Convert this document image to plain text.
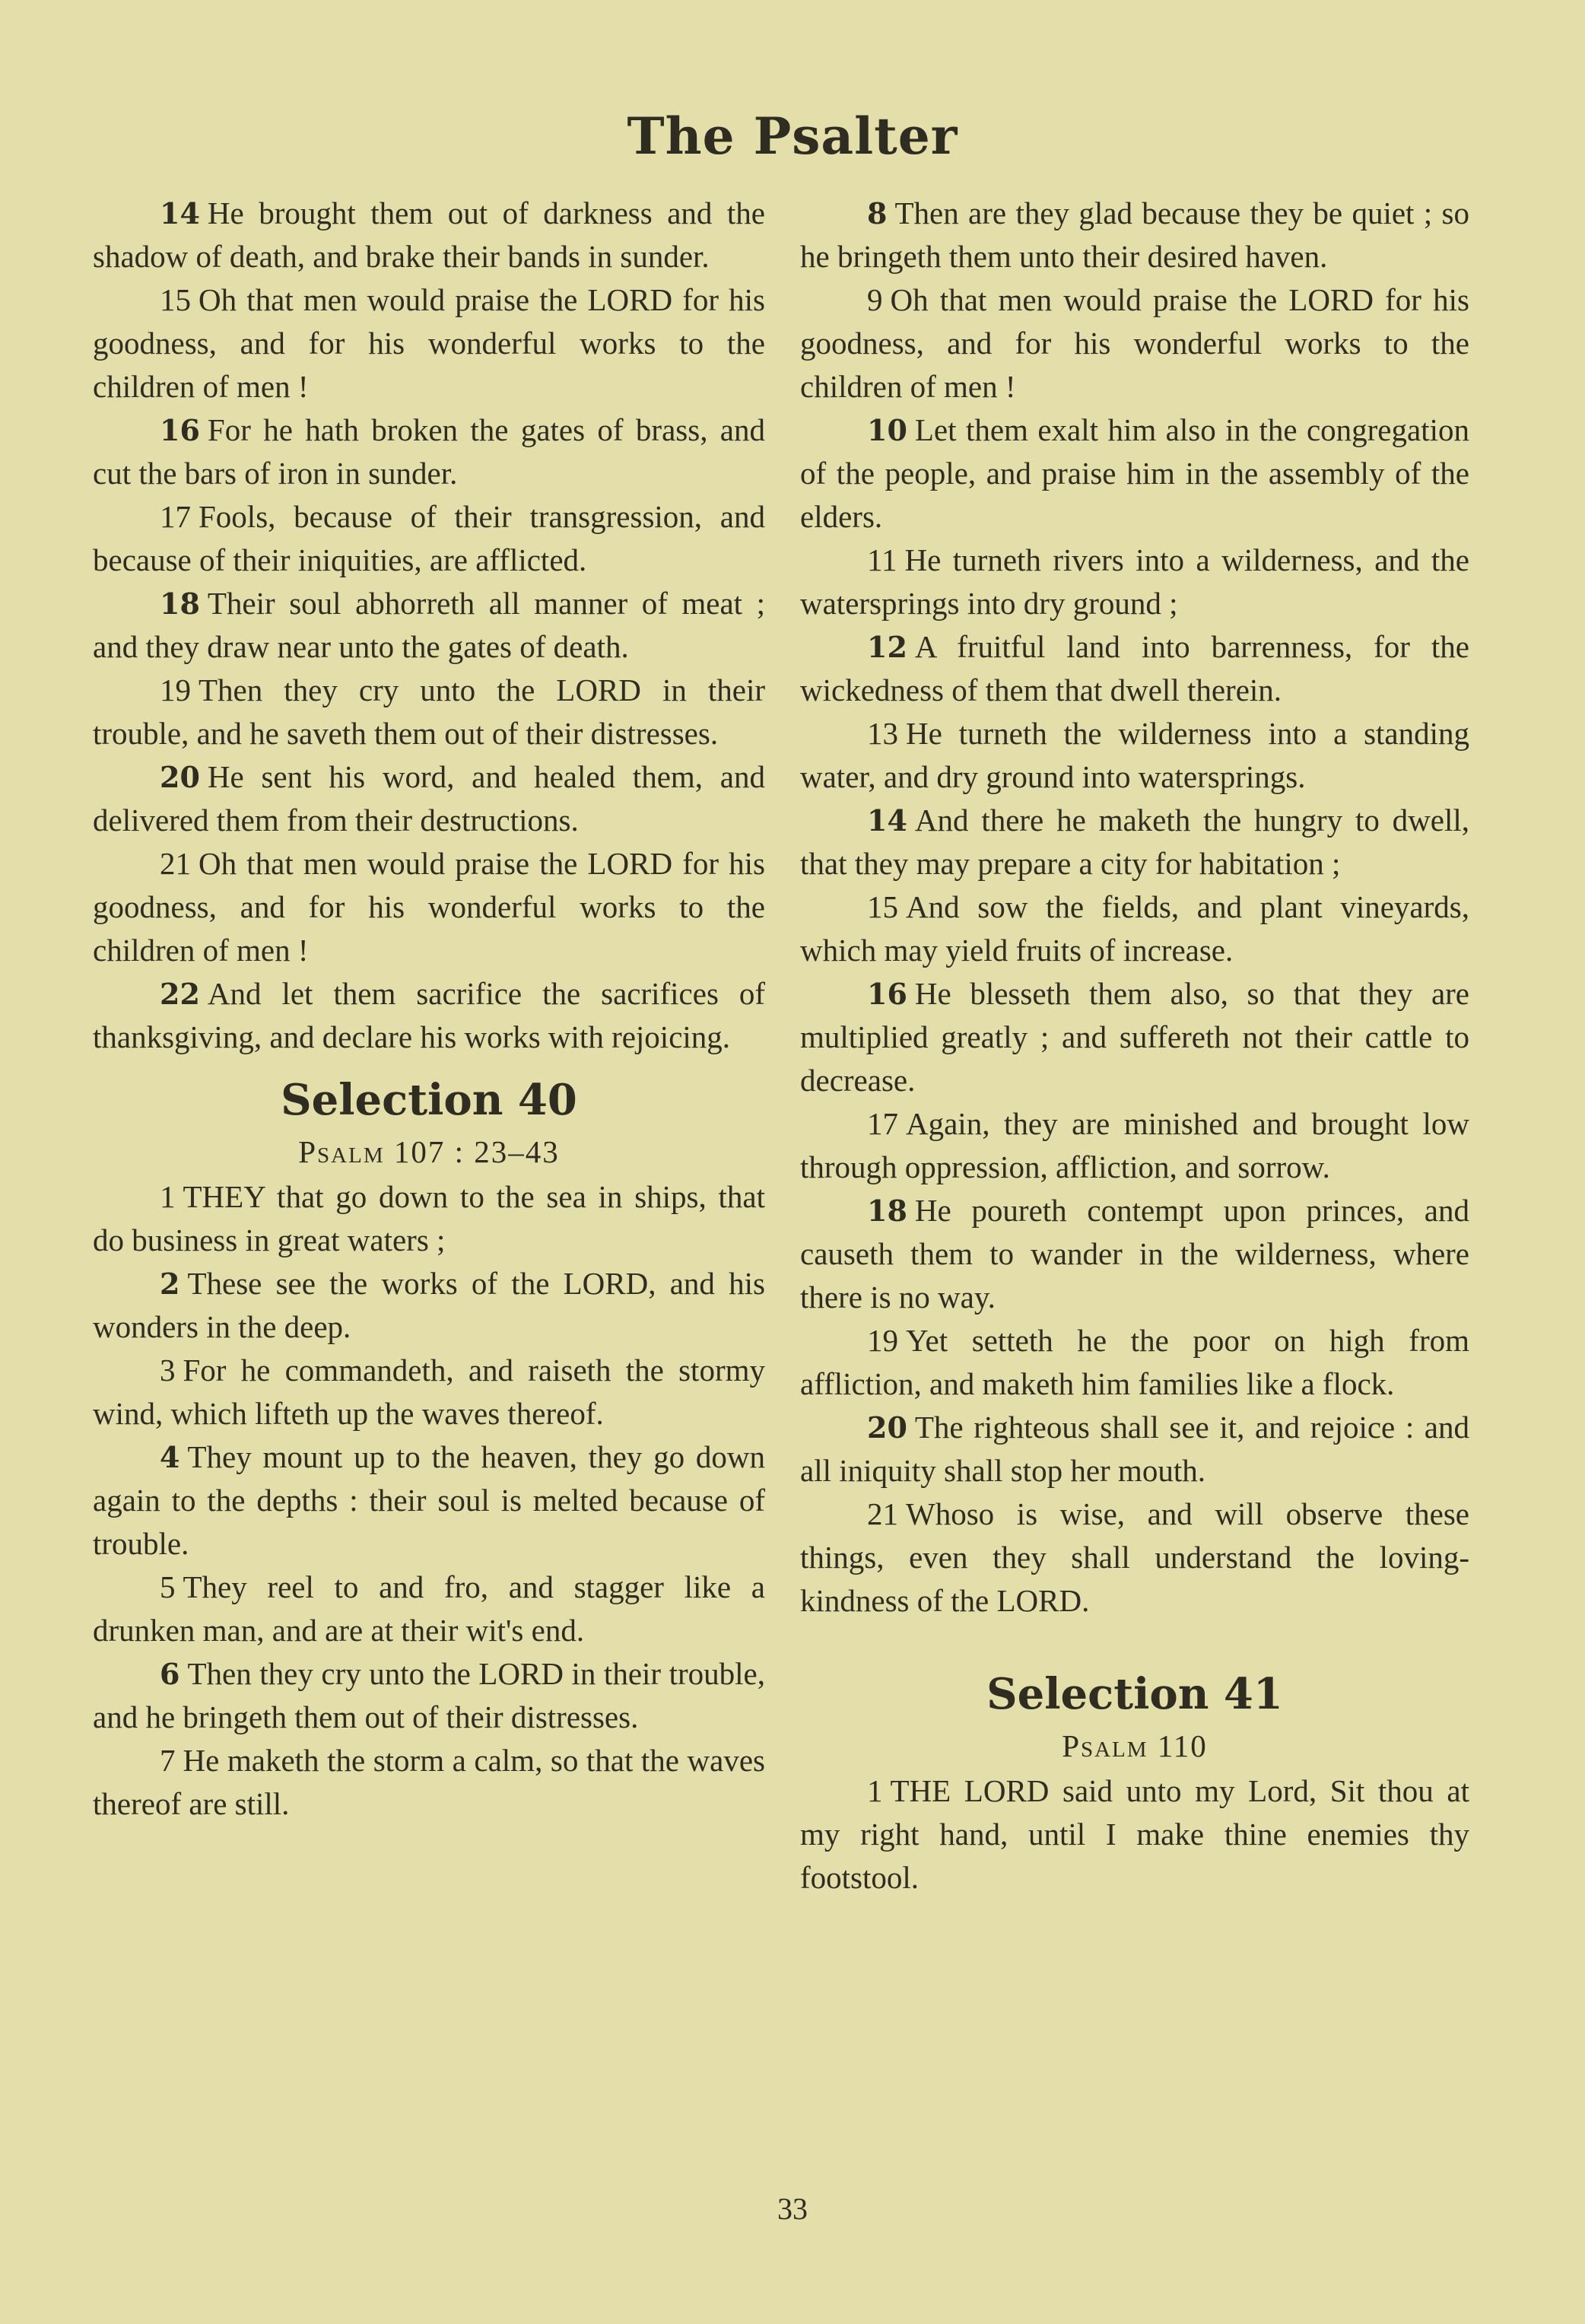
The Psalter

14 He brought them out of darkness and the shadow of death, and brake their bands in sunder.

15 Oh that men would praise the LORD for his goodness, and for his wonderful works to the children of men !

16 For he hath broken the gates of brass, and cut the bars of iron in sunder.

17 Fools, because of their transgression, and because of their iniquities, are afflicted.

18 Their soul abhorreth all manner of meat ; and they draw near unto the gates of death.

19 Then they cry unto the LORD in their trouble, and he saveth them out of their distresses.

20 He sent his word, and healed them, and delivered them from their destructions.

21 Oh that men would praise the LORD for his goodness, and for his wonderful works to the children of men !

22 And let them sacrifice the sacrifices of thanksgiving, and declare his works with rejoicing.

Selection 40
Psalm 107 : 23–43

1 THEY that go down to the sea in ships, that do business in great waters ;

2 These see the works of the LORD, and his wonders in the deep.

3 For he commandeth, and raiseth the stormy wind, which lifteth up the waves thereof.

4 They mount up to the heaven, they go down again to the depths : their soul is melted because of trouble.

5 They reel to and fro, and stagger like a drunken man, and are at their wit's end.

6 Then they cry unto the LORD in their trouble, and he bringeth them out of their distresses.

7 He maketh the storm a calm, so that the waves thereof are still.

8 Then are they glad because they be quiet ; so he bringeth them unto their desired haven.

9 Oh that men would praise the LORD for his goodness, and for his wonderful works to the children of men !

10 Let them exalt him also in the congregation of the people, and praise him in the assembly of the elders.

11 He turneth rivers into a wilderness, and the watersprings into dry ground ;

12 A fruitful land into barrenness, for the wickedness of them that dwell therein.

13 He turneth the wilderness into a standing water, and dry ground into watersprings.

14 And there he maketh the hungry to dwell, that they may prepare a city for habitation ;

15 And sow the fields, and plant vineyards, which may yield fruits of increase.

16 He blesseth them also, so that they are multiplied greatly ; and suffereth not their cattle to decrease.

17 Again, they are minished and brought low through oppression, affliction, and sorrow.

18 He poureth contempt upon princes, and causeth them to wander in the wilderness, where there is no way.

19 Yet setteth he the poor on high from affliction, and maketh him families like a flock.

20 The righteous shall see it, and rejoice : and all iniquity shall stop her mouth.

21 Whoso is wise, and will observe these things, even they shall understand the loving-kindness of the LORD.

Selection 41
Psalm 110

1 THE LORD said unto my Lord, Sit thou at my right hand, until I make thine enemies thy footstool.

33
